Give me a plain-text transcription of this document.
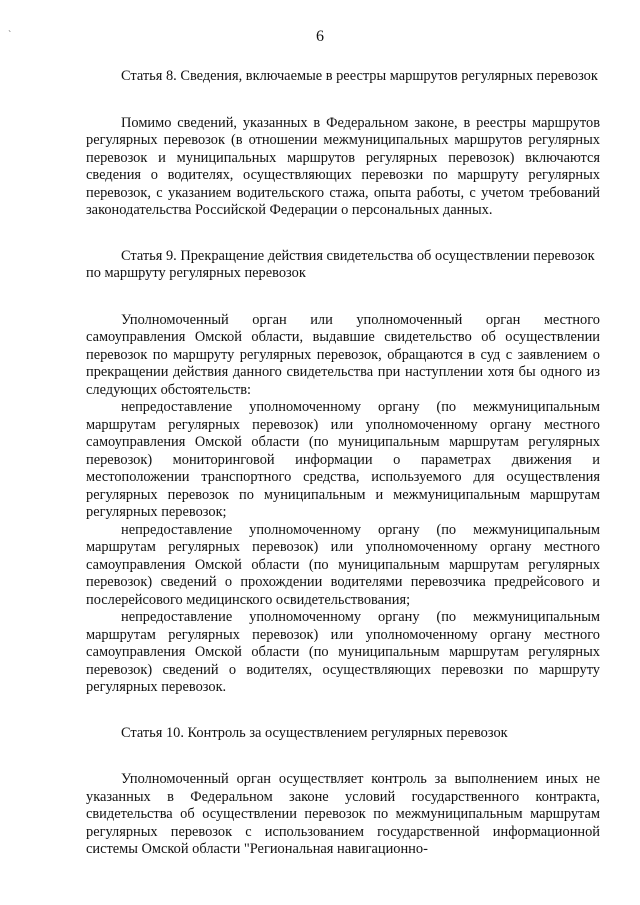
`	6

Статья 8. Сведения, включаемые в реестры маршрутов регулярных перевозок

Помимо сведений, указанных в Федеральном законе, в реестры маршрутов регулярных перевозок (в отношении межмуниципальных маршрутов регулярных перевозок и муниципальных маршрутов регулярных перевозок) включаются сведения о водителях, осуществляющих перевозки по маршруту регулярных перевозок, с указанием водительского стажа, опыта работы, с учетом требований законодательства Российской Федерации о персональных данных.

Статья 9. Прекращение действия свидетельства об осуществлении перевозок по маршруту регулярных перевозок

Уполномоченный орган или уполномоченный орган местного самоуправления Омской области, выдавшие свидетельство об осуществлении перевозок по маршруту регулярных перевозок, обращаются в суд с заявлением о прекращении действия данного свидетельства при наступлении хотя бы одного из следующих обстоятельств:

непредоставление уполномоченному органу (по межмуниципальным маршрутам регулярных перевозок) или уполномоченному органу местного самоуправления Омской области (по муниципальным маршрутам регулярных перевозок) мониторинговой информации о параметрах движения и местоположении транспортного средства, используемого для осуществления регулярных перевозок по муниципальным и межмуниципальным маршрутам регулярных перевозок;

непредоставление уполномоченному органу (по межмуниципальным маршрутам регулярных перевозок) или уполномоченному органу местного самоуправления Омской области (по муниципальным маршрутам регулярных перевозок) сведений о прохождении водителями перевозчика предрейсового и послерейсового медицинского освидетельствования;

непредоставление уполномоченному органу (по межмуниципальным маршрутам регулярных перевозок) или уполномоченному органу местного самоуправления Омской области (по муниципальным маршрутам регулярных перевозок) сведений о водителях, осуществляющих перевозки по маршруту регулярных перевозок.

Статья 10. Контроль за осуществлением регулярных перевозок

Уполномоченный орган осуществляет контроль за выполнением иных не указанных в Федеральном законе условий государственного контракта, свидетельства об осуществлении перевозок по межмуниципальным маршрутам регулярных перевозок с использованием государственной информационной системы Омской области "Региональная навигационно-
